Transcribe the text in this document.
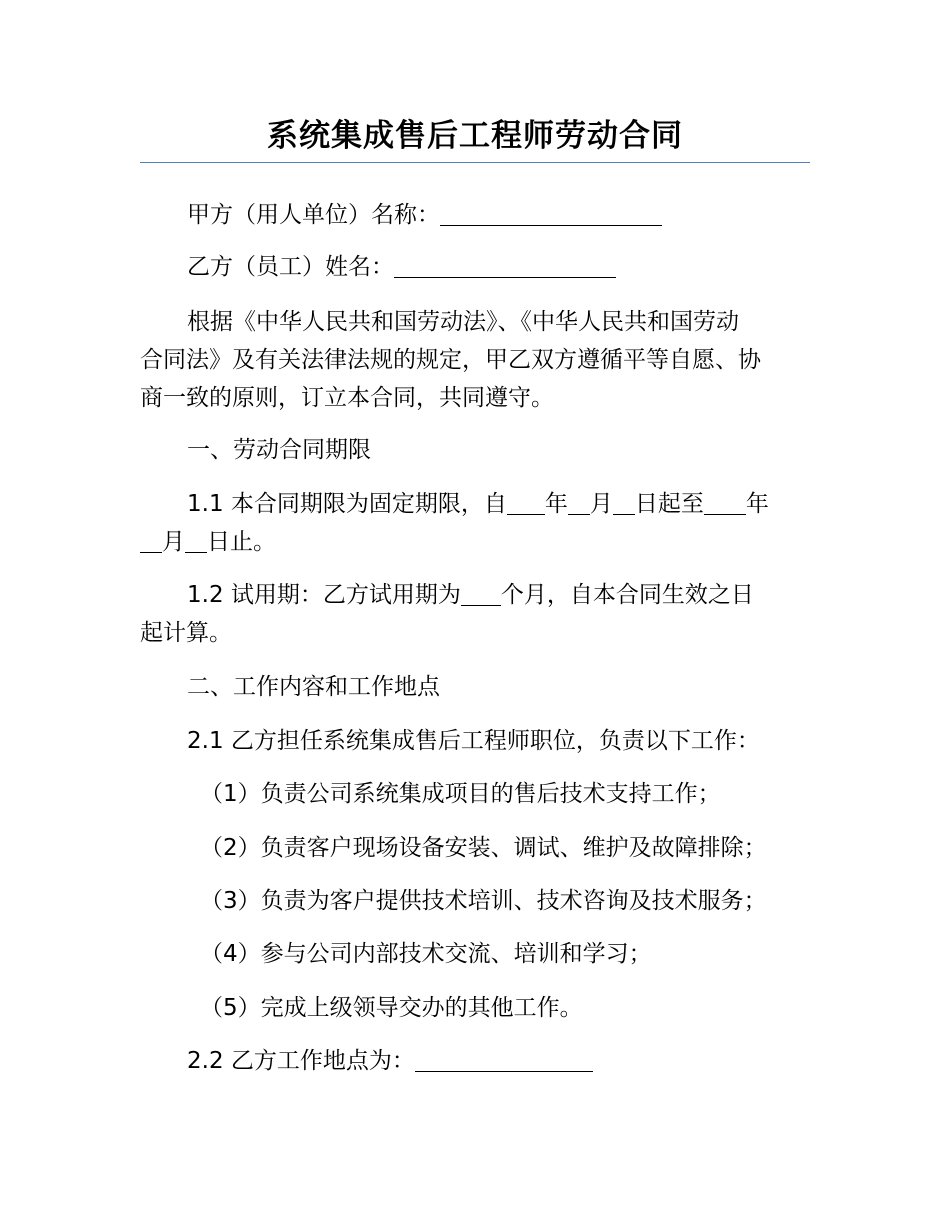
系统集成售后工程师劳动合同

甲方（用人单位）名称：

乙方（员工）姓名：

根据《中华人民共和国劳动法》、《中华人民共和国劳动
合同法》及有关法律法规的规定，甲乙双方遵循平等自愿、协
商一致的原则，订立本合同，共同遵守。

一、劳动合同期限

1.1 本合同期限为固定期限，自 年 月 日起至 年
月 日止。

1.2 试用期：乙方试用期为 个月，自本合同生效之日
起计算。

二、工作内容和工作地点

2.1 乙方担任系统集成售后工程师职位，负责以下工作：

（1）负责公司系统集成项目的售后技术支持工作；

（2）负责客户现场设备安装、调试、维护及故障排除；

（3）负责为客户提供技术培训、技术咨询及技术服务；

（4）参与公司内部技术交流、培训和学习；

（5）完成上级领导交办的其他工作。

2.2 乙方工作地点为：
